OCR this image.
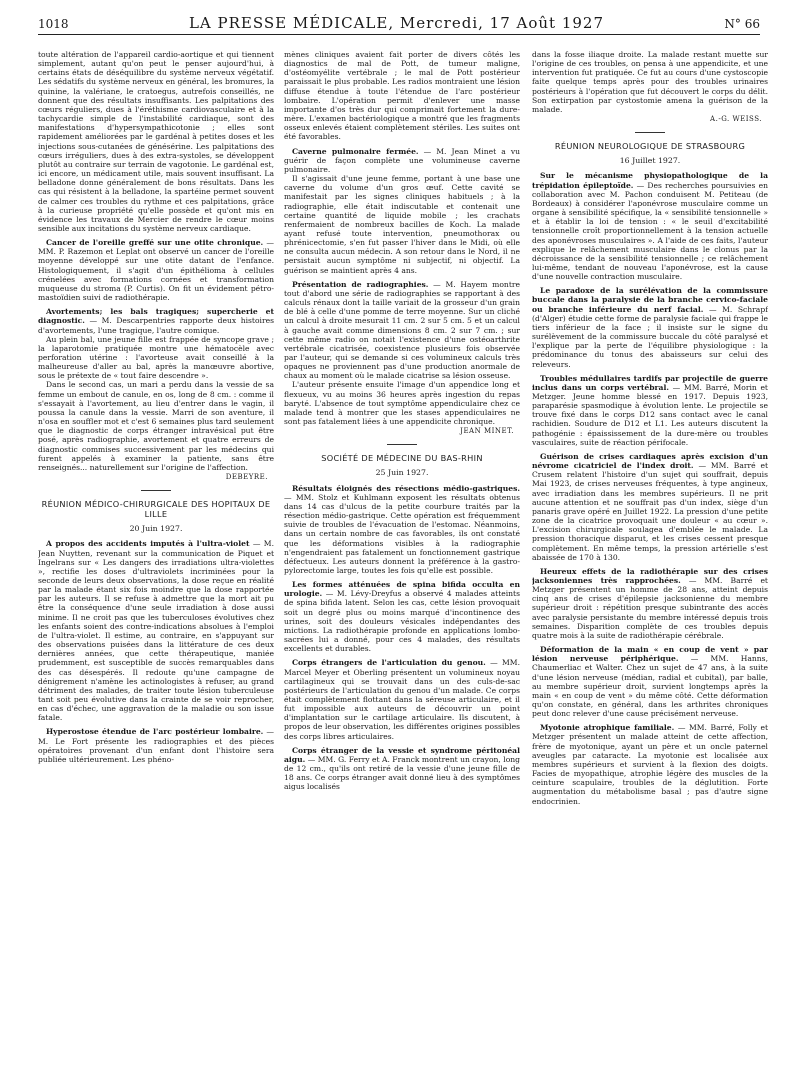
1018	LA PRESSE MÉDICALE, Mercredi, 17 Août 1927	N° 66

toute altération de l'appareil cardio-aortique et qui tiennent simplement, autant qu'on peut le penser aujourd'hui, à certains états de déséquilibre du système nerveux végétatif. Les sédatifs du système nerveux en général, les bromures, la quinine, la valériane, le cratoegus, autrefois conseillés, ne donnent que des résultats insuffisants. Les palpitations des cœurs réguliers, dues à l'éréthisme cardiovasculaire et à la tachycardie simple de l'instabilité cardiaque, sont des manifestations d'hypersympathicotonie ; elles sont rapidement améliorées par le gardénal à petites doses et les injections sous-cutanées de génésérine. Les palpitations des cœurs irréguliers, dues à des extra-systoles, se développent plutôt au contraire sur terrain de vagotonie. Le gardénal est, ici encore, un médicament utile, mais souvent insuffisant. La belladone donne généralement de bons résultats. Dans les cas qui résistent à la belladone, la spartéine permet souvent de calmer ces troubles du rythme et ces palpitations, grâce à la curieuse propriété qu'elle possède et qu'ont mis en évidence les travaux de Mercier de rendre le cœur moins sensible aux incitations du système nerveux cardiaque.

Cancer de l'oreille greffé sur une otite chronique. — MM. P. Razemon et Leplat ont observé un cancer de l'oreille moyenne développé sur une otite datant de l'enfance. Histologiquement, il s'agit d'un épithélioma à cellules crénelées avec formations cornées et transformation muqueuse du stroma (P. Curtis). On fit un évidement pétro-mastoïdien suivi de radiothérapie.

Avortements; les bals tragiques; supercherie et diagnostic. — M. Descarpentries rapporte deux histoires d'avortements, l'une tragique, l'autre comique.

Au plein bal, une jeune fille est frappée de syncope grave ; la laparotomie pratiquée montre une hématocèle avec perforation utérine : l'avorteuse avait conseillé à la malheureuse d'aller au bal, après la manœuvre abortive, sous le prétexte de « tout faire descendre ».

Dans le second cas, un mari a perdu dans la vessie de sa femme un embout de canule, en os, long de 8 cm. : comme il s'essayait à l'avortement, au lieu d'entrer dans le vagin, il poussa la canule dans la vessie. Marri de son aventure, il n'osa en souffler mot et c'est 6 semaines plus tard seulement que le diagnostic de corps étranger intravésical put être posé, après radiographie, avortement et quatre erreurs de diagnostic commises successivement par les médecins qui furent appelés à examiner la patiente, sans être renseignés... naturellement sur l'origine de l'affection.

DEBEYRE.
RÉUNION MÉDICO-CHIRURGICALE DES HOPITAUX DE LILLE
20 Juin 1927.

A propos des accidents imputés à l'ultra-violet — M. Jean Nuytten, revenant sur la communication de Piquet et Ingelrans sur « Les dangers des irradiations ultra-violettes », rectifie les doses d'ultraviolets incriminées pour la seconde de leurs deux observations, la dose reçue en réalité par la malade étant six fois moindre que la dose rapportée par les auteurs. Il se refuse à admettre que la mort ait pu être la conséquence d'une seule irradiation à dose aussi minime. Il ne croit pas que les tuberculoses évolutives chez les enfants soient des contre-indications absolues à l'emploi de l'ultra-violet. Il estime, au contraire, en s'appuyant sur des observations puisées dans la littérature de ces deux dernières années, que cette thérapeutique, maniée prudemment, est susceptible de succès remarquables dans des cas désespérés. Il redoute qu'une campagne de dénigrement n'amène les actinologistes à refuser, au grand détriment des malades, de traiter toute lésion tuberculeuse tant soit peu évolutive dans la crainte de se voir reprocher, en cas d'échec, une aggravation de la maladie ou son issue fatale.

Hyperostose étendue de l'arc postérieur lombaire. — M. Le Fort présente les radiographies et des pièces opératoires provenant d'un enfant dont l'histoire sera publiée ultérieurement. Les phéno-

mènes cliniques avaient fait porter de divers côtés les diagnostics de mal de Pott, de tumeur maligne, d'ostéomyélite vertébrale ; le mal de Pott postérieur paraissait le plus probable. Les radios montraient une lésion diffuse étendue à toute l'étendue de l'arc postérieur lombaire. L'opération permit d'enlever une masse importante d'os très dur qui comprimait fortement la dure-mère. L'examen bactériologique a montré que les fragments osseux enlevés étaient complètement stériles. Les suites ont été favorables.

Caverne pulmonaire fermée. — M. Jean Minet a vu guérir de façon complète une volumineuse caverne pulmonaire.

Il s'agissait d'une jeune femme, portant à une base une caverne du volume d'un gros œuf. Cette cavité se manifestait par les signes cliniques habituels ; à la radiographie, elle était indiscutable et contenait une certaine quantité de liquide mobile ; les crachats renfermaient de nombreux bacilles de Koch. La malade ayant refusé toute intervention, pneumothorax ou phrénicectomie, s'en fut passer l'hiver dans le Midi, où elle ne consulta aucun médecin. A son retour dans le Nord, il ne persistait aucun symptôme ni subjectif, ni objectif. La guérison se maintient après 4 ans.

Présentation de radiographies. — M. Hayem montre tout d'abord une série de radiographies se rapportant à des calculs rénaux dont la taille variait de la grosseur d'un grain de blé à celle d'une pomme de terre moyenne. Sur un cliché un calcul à droite mesurait 11 cm. 2 sur 5 cm. 5 et un calcul à gauche avait comme dimensions 8 cm. 2 sur 7 cm. ; sur cette même radio on notait l'existence d'une ostéoarthrite vertébrale cicatrisée, coexistence plusieurs fois observée par l'auteur, qui se demande si ces volumineux calculs très opaques ne proviennent pas d'une production anormale de chaux au moment où le malade cicatrise sa lésion osseuse.

L'auteur présente ensuite l'image d'un appendice long et flexueux, vu au moins 36 heures après ingestion du repas baryté. L'absence de tout symptôme appendiculaire chez ce malade tend à montrer que les stases appendiculaires ne sont pas fatalement liées à une appendicite chronique.

JEAN MINET.
SOCIÉTÉ DE MÉDECINE DU BAS-RHIN
25 Juin 1927.

Résultats éloignés des résections médio-gastriques. — MM. Stolz et Kuhlmann exposent les résultats obtenus dans 14 cas d'ulcus de la petite courbure traités par la résection médio-gastrique. Cette opération est fréquemment suivie de troubles de l'évacuation de l'estomac. Néanmoins, dans un certain nombre de cas favorables, ils ont constaté que les déformations visibles à la radiographie n'engendraient pas fatalement un fonctionnement gastrique défectueux. Les auteurs donnent la préférence à la gastro-pylorectomie large, toutes les fois qu'elle est possible.

Les formes atténuées de spina bifida occulta en urologie. — M. Lévy-Dreyfus a observé 4 malades atteints de spina bifida latent. Selon les cas, cette lésion provoquait soit un degré plus ou moins marqué d'incontinence des urines, soit des douleurs vésicales indépendantes des mictions. La radiothérapie profonde en applications lombo-sacrées lui a donné, pour ces 4 malades, des résultats excellents et durables.

Corps étrangers de l'articulation du genou. — MM. Marcel Meyer et Oberling présentent un volumineux noyau cartilagineux qui se trouvait dans un des culs-de-sac postérieurs de l'articulation du genou d'un malade. Ce corps était complètement flottant dans la séreuse articulaire, et il fut impossible aux auteurs de découvrir un point d'implantation sur le cartilage articulaire. Ils discutent, à propos de leur observation, les différentes origines possibles des corps libres articulaires.

Corps étranger de la vessie et syndrome péritonéal aigu. — MM. G. Ferry et A. Franck montrent un crayon, long de 12 cm., qu'ils ont retiré de la vessie d'une jeune fille de 18 ans. Ce corps étranger avait donné lieu à des symptômes aigus localisés

dans la fosse iliaque droite. La malade restant muette sur l'origine de ces troubles, on pensa à une appendicite, et une intervention fut pratiquée. Ce fut au cours d'une cystoscopie faite quelque temps après pour des troubles urinaires postérieurs à l'opération que fut découvert le corps du délit. Son extirpation par cystostomie amena la guérison de la malade.

A.-G. WEISS.
RÉUNION NEUROLOGIQUE DE STRASBOURG
16 Juillet 1927.

Sur le mécanisme physiopathologique de la trépidation épileptoïde. — Des recherches poursuivies en collaboration avec M. Pachon conduisent M. Petiteau (de Bordeaux) à considérer l'aponévrose musculaire comme un organe à sensibilité spécifique, la « sensibilité tensionnelle » et à établir la loi de tension : « le seuil d'excitabilité tensionnelle croît proportionnellement à la tension actuelle des aponévroses musculaires ». A l'aide de ces faits, l'auteur explique le relâchement musculaire dans le clonus par la décroissance de la sensibilité tensionnelle ; ce relâchement lui-même, tendant de nouveau l'aponévrose, est la cause d'une nouvelle contraction musculaire.

Le paradoxe de la surélévation de la commissure buccale dans la paralysie de la branche cervico-faciale ou branche inférieure du nerf facial. — M. Schrapf (d'Alger) étudie cette forme de paralysie faciale qui frappe le tiers inférieur de la face ; il insiste sur le signe du surélèvement de la commissure buccale du côté paralysé et l'explique par la perte de l'équilibre physiologique : la prédominance du tonus des abaisseurs sur celui des releveurs.

Troubles médullaires tardifs par projectile de guerre inclus dans un corps vertébral. — MM. Barré, Morin et Metzger. Jeune homme blessé en 1917. Depuis 1923, paraparésie spasmodique à évolution lente. Le projectile se trouve fixé dans le corps D12 sans contact avec le canal rachidien. Soudure de D12 et L1. Les auteurs discutent la pathogénie : épaississement de la dure-mère ou troubles vasculaires, suite de réaction périfocale.

Guérison de crises cardiaques après excision d'un névrome cicatriciel de l'index droit. — MM. Barré et Crusem relatent l'histoire d'un sujet qui souffrait, depuis Mai 1923, de crises nerveuses fréquentes, à type angineux, avec irradiation dans les membres supérieurs. Il ne prit aucune attention et ne souffrait pas d'un index, siège d'un panaris grave opéré en Juillet 1922. La pression d'une petite zone de la cicatrice provoquait une douleur « au cœur ». L'excision chirurgicale soulagea d'emblée le malade. La pression thoracique disparut, et les crises cessent presque complètement. En même temps, la pression artérielle s'est abaissée de 170 à 130.

Heureux effets de la radiothérapie sur des crises jacksoniennes très rapprochées. — MM. Barré et Metzger présentent un homme de 28 ans, atteint depuis cinq ans de crises d'épilepsie jacksonienne du membre supérieur droit : répétition presque subintrante des accès avec paralysie persistante du membre intéressé depuis trois semaines. Disparition complète de ces troubles depuis quatre mois à la suite de radiothérapie cérébrale.

Déformation de la main « en coup de vent » par lésion nerveuse périphérique. — MM. Hanns, Chaumerliac et Walter. Chez un sujet de 47 ans, à la suite d'une lésion nerveuse (médian, radial et cubital), par balle, au membre supérieur droit, survient longtemps après la main « en coup de vent » du même côté. Cette déformation qu'on constate, en général, dans les arthrites chroniques peut donc relever d'une cause précisément nerveuse.

Myotonie atrophique familiale. — MM. Barré, Folly et Metzger présentent un malade atteint de cette affection, frère de myotonique, ayant un père et un oncle paternel aveugles par cataracte. La myotonie est localisée aux membres supérieurs et survient à la flexion des doigts. Facies de myopathique, atrophie légère des muscles de la ceinture scapulaire, troubles de la déglutition. Forte augmentation du métabolisme basal ; pas d'autre signe endocrinien.
